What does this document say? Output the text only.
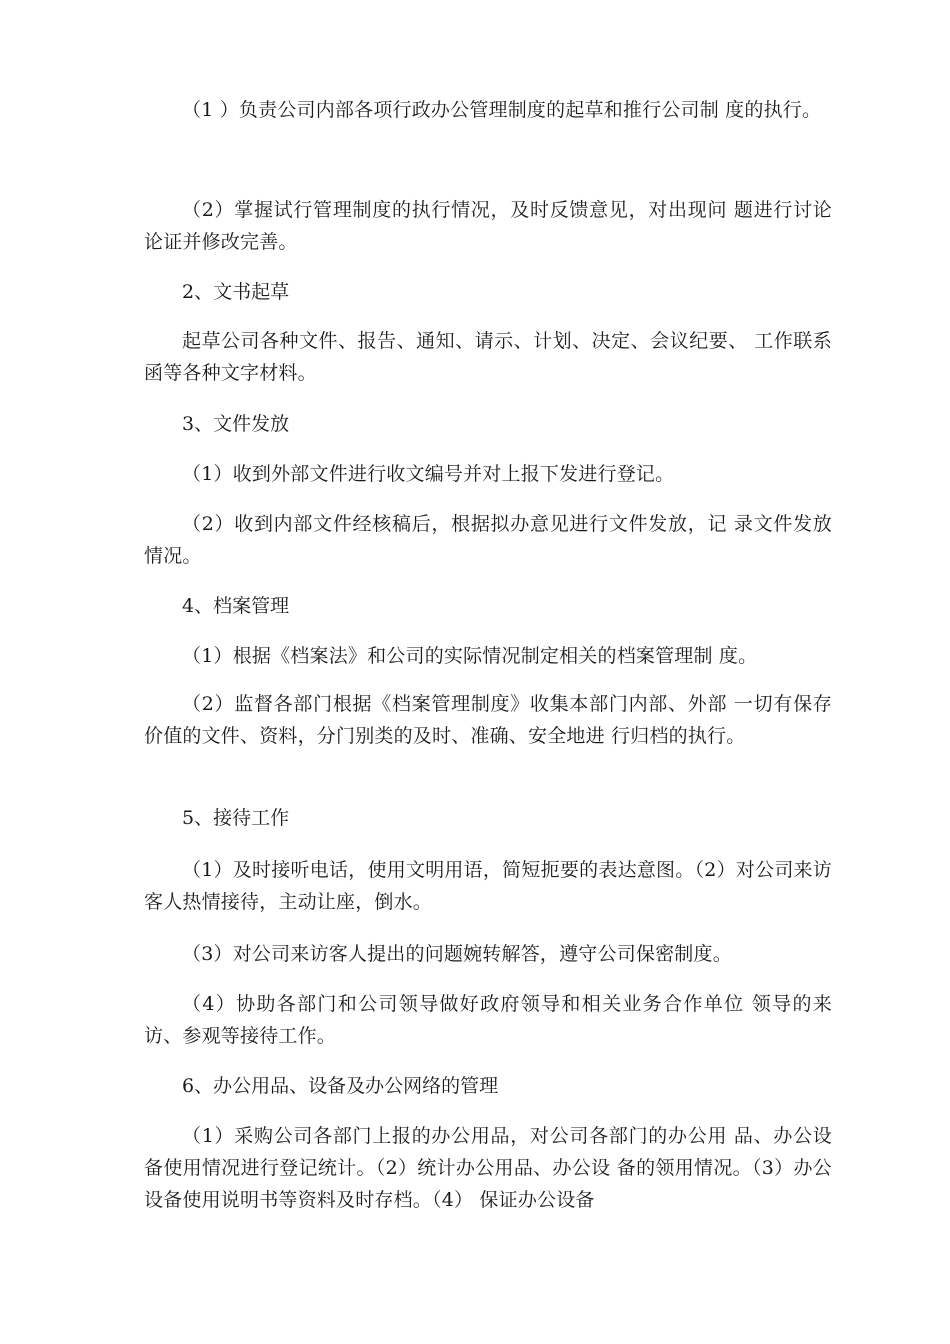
（1 ）负责公司内部各项行政办公管理制度的起草和推行公司制 度的执行。

（2）掌握试行管理制度的执行情况，及时反馈意见，对出现问 题进行讨论论证并修改完善。

2、文书起草

起草公司各种文件、报告、通知、请示、计划、决定、会议纪要、 工作联系函等各种文字材料。

3、文件发放

（1）收到外部文件进行收文编号并对上报下发进行登记。

（2）收到内部文件经核稿后，根据拟办意见进行文件发放，记 录文件发放情况。

4、档案管理

（1）根据《档案法》和公司的实际情况制定相关的档案管理制 度。

（2）监督各部门根据《档案管理制度》收集本部门内部、外部 一切有保存价值的文件、资料，分门别类的及时、准确、安全地进 行归档的执行。

5、接待工作

（1）及时接听电话，使用文明用语，简短扼要的表达意图。（2）对公司来访客人热情接待，主动让座，倒水。

（3）对公司来访客人提出的问题婉转解答，遵守公司保密制度。

（4）协助各部门和公司领导做好政府领导和相关业务合作单位 领导的来访、参观等接待工作。

6、办公用品、设备及办公网络的管理

（1）采购公司各部门上报的办公用品，对公司各部门的办公用 品、办公设备使用情况进行登记统计。（2）统计办公用品、办公设 备的领用情况。（3）办公设备使用说明书等资料及时存档。（4） 保证办公设备
